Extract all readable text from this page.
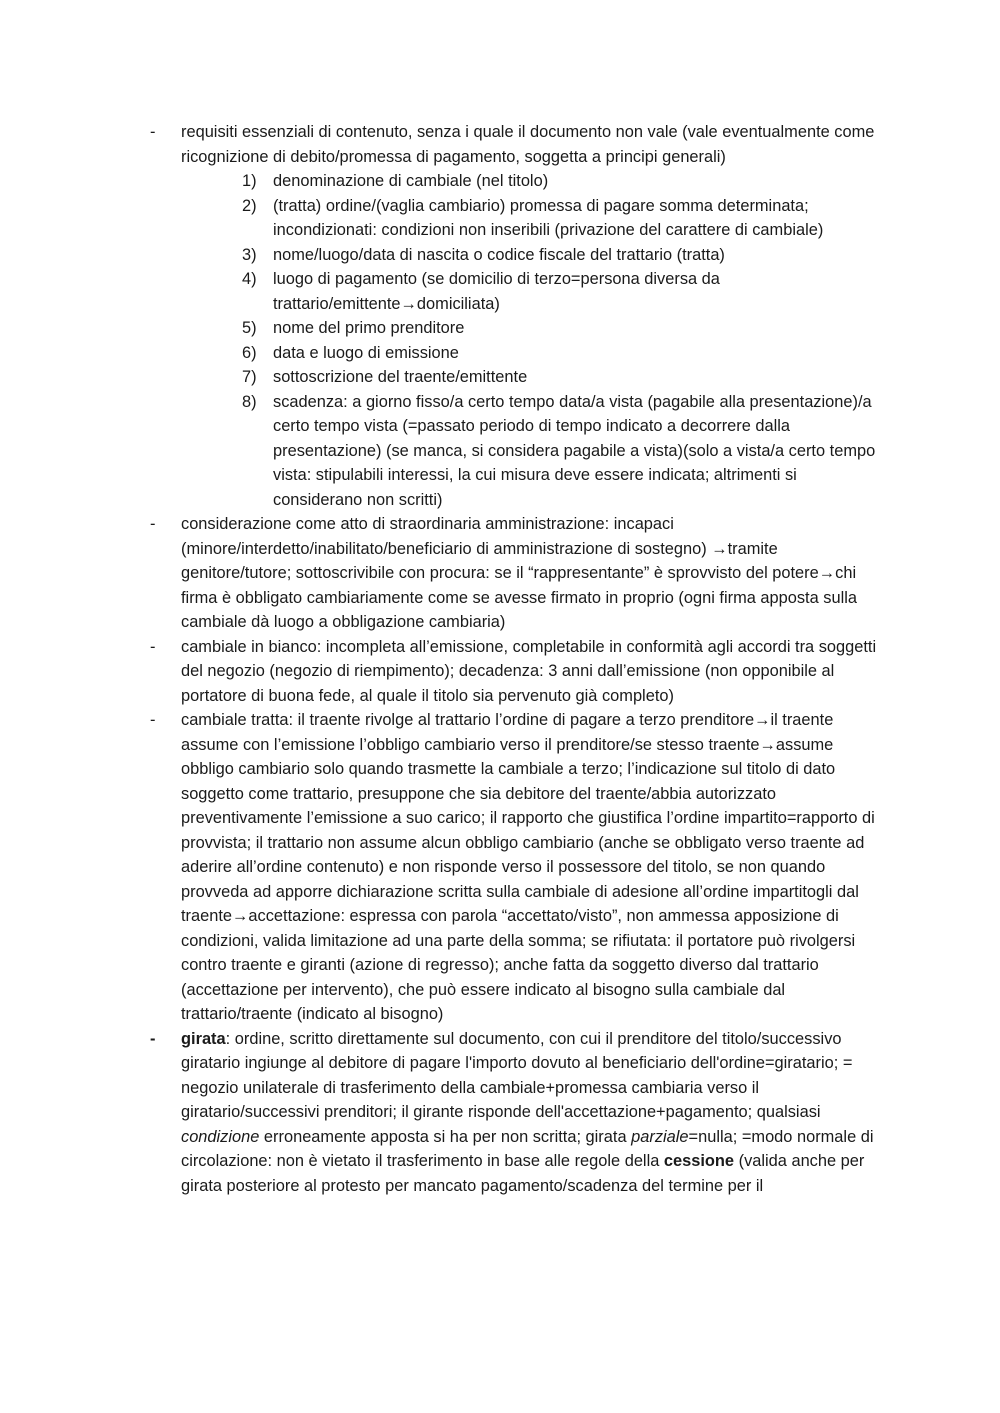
-	requisiti essenziali di contenuto, senza i quale il documento non vale (vale eventualmente come ricognizione di debito/promessa di pagamento, soggetta a principi generali)
1) denominazione di cambiale (nel titolo)
2) (tratta) ordine/(vaglia cambiario) promessa di pagare somma determinata; incondizionati: condizioni non inseribili (privazione del carattere di cambiale)
3) nome/luogo/data di nascita o codice fiscale del trattario (tratta)
4) luogo di pagamento (se domicilio di terzo=persona diversa da trattario/emittente→domiciliata)
5) nome del primo prenditore
6) data e luogo di emissione
7) sottoscrizione del traente/emittente
8) scadenza: a giorno fisso/a certo tempo data/a vista (pagabile alla presentazione)/a certo tempo vista (=passato periodo di tempo indicato a decorrere dalla presentazione) (se manca, si considera pagabile a vista)(solo a vista/a certo tempo vista: stipulabili interessi, la cui misura deve essere indicata; altrimenti si considerano non scritti)
-	considerazione come atto di straordinaria amministrazione: incapaci (minore/interdetto/inabilitato/beneficiario di amministrazione di sostegno) →tramite genitore/tutore; sottoscrivibile con procura: se il “rappresentante” è sprovvisto del potere→chi firma è obbligato cambiariamente come se avesse firmato in proprio (ogni firma apposta sulla cambiale dà luogo a obbligazione cambiaria)
-	cambiale in bianco: incompleta all’emissione, completabile in conformità agli accordi tra soggetti del negozio (negozio di riempimento); decadenza: 3 anni dall’emissione (non opponibile al portatore di buona fede, al quale il titolo sia pervenuto già completo)
-	cambiale tratta: il traente rivolge al trattario l’ordine di pagare a terzo prenditore→il traente assume con l’emissione l’obbligo cambiario verso il prenditore/se stesso traente→assume obbligo cambiario solo quando trasmette la cambiale a terzo; l’indicazione sul titolo di dato soggetto come trattario, presuppone che sia debitore del traente/abbia autorizzato preventivamente l’emissione a suo carico; il rapporto che giustifica l’ordine impartito=rapporto di provvista; il trattario non assume alcun obbligo cambiario (anche se obbligato verso traente ad aderire all’ordine contenuto) e non risponde verso il possessore del titolo, se non quando provveda ad apporre dichiarazione scritta sulla cambiale di adesione all’ordine impartitogli dal traente→accettazione: espressa con parola “accettato/visto”, non ammessa apposizione di condizioni, valida limitazione ad una parte della somma; se rifiutata: il portatore può rivolgersi contro traente e giranti (azione di regresso); anche fatta da soggetto diverso dal trattario (accettazione per intervento), che può essere indicato al bisogno sulla cambiale dal trattario/traente (indicato al bisogno)
-	girata: ordine, scritto direttamente sul documento, con cui il prenditore del titolo/successivo giratario ingiunge al debitore di pagare l'importo dovuto al beneficiario dell'ordine=giratario; = negozio unilaterale di trasferimento della cambiale+promessa cambiaria verso il giratario/successivi prenditori; il girante risponde dell'accettazione+pagamento; qualsiasi condizione erroneamente apposta si ha per non scritta; girata parziale=nulla; =modo normale di circolazione: non è vietato il trasferimento in base alle regole della cessione (valida anche per girata posteriore al protesto per mancato pagamento/scadenza del termine per il
